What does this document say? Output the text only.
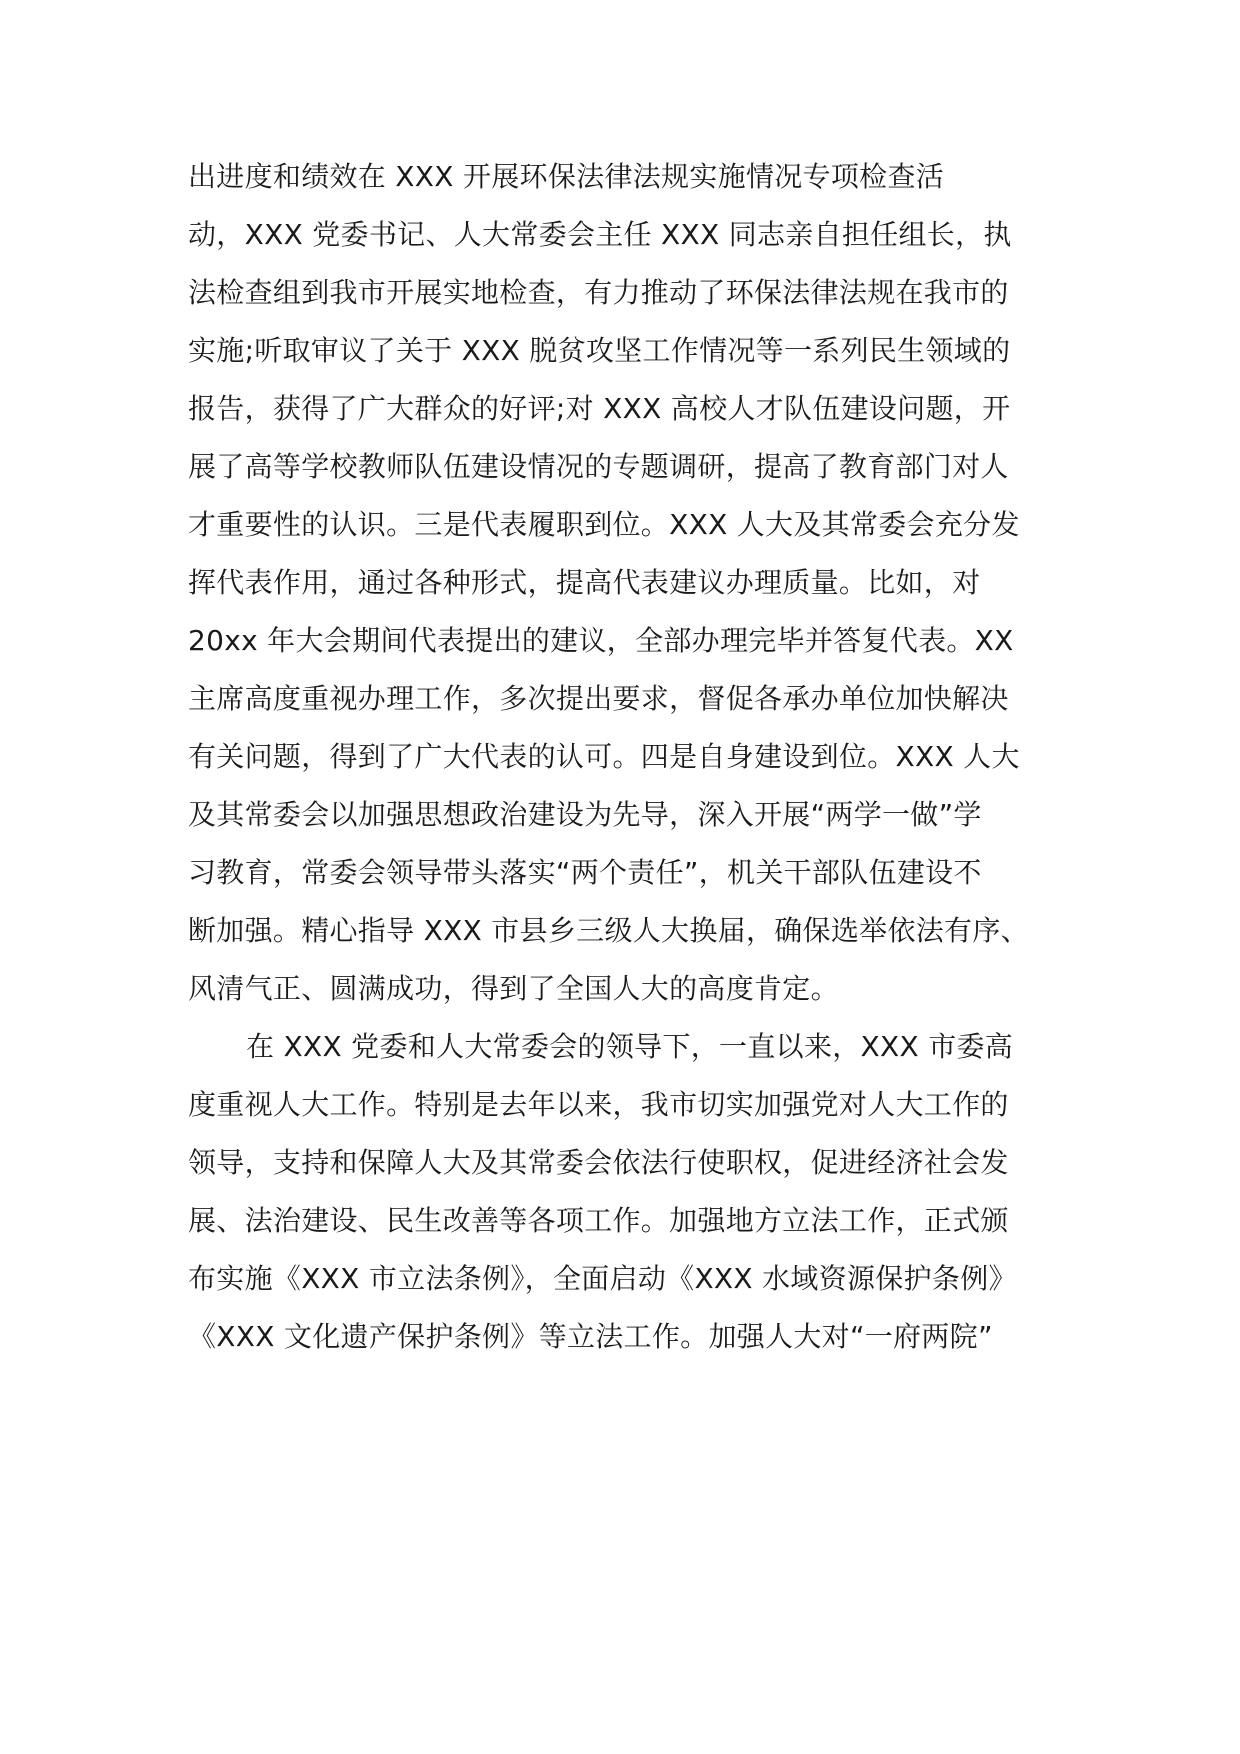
出进度和绩效在 XXX 开展环保法律法规实施情况专项检查活
动，XXX 党委书记、人大常委会主任 XXX 同志亲自担任组长，执
法检查组到我市开展实地检查，有力推动了环保法律法规在我市的
实施;听取审议了关于 XXX 脱贫攻坚工作情况等一系列民生领域的
报告，获得了广大群众的好评;对 XXX 高校人才队伍建设问题，开
展了高等学校教师队伍建设情况的专题调研，提高了教育部门对人
才重要性的认识。三是代表履职到位。XXX 人大及其常委会充分发
挥代表作用，通过各种形式，提高代表建议办理质量。比如，对
20xx 年大会期间代表提出的建议，全部办理完毕并答复代表。XX
主席高度重视办理工作，多次提出要求，督促各承办单位加快解决
有关问题，得到了广大代表的认可。四是自身建设到位。XXX 人大
及其常委会以加强思想政治建设为先导，深入开展“两学一做”学
习教育，常委会领导带头落实“两个责任”，机关干部队伍建设不
断加强。精心指导 XXX 市县乡三级人大换届，确保选举依法有序、
风清气正、圆满成功，得到了全国人大的高度肯定。
在 XXX 党委和人大常委会的领导下，一直以来，XXX 市委高
度重视人大工作。特别是去年以来，我市切实加强党对人大工作的
领导，支持和保障人大及其常委会依法行使职权，促进经济社会发
展、法治建设、民生改善等各项工作。加强地方立法工作，正式颁
布实施《XXX 市立法条例》，全面启动《XXX 水域资源保护条例》
《XXX 文化遗产保护条例》等立法工作。加强人大对“一府两院”
